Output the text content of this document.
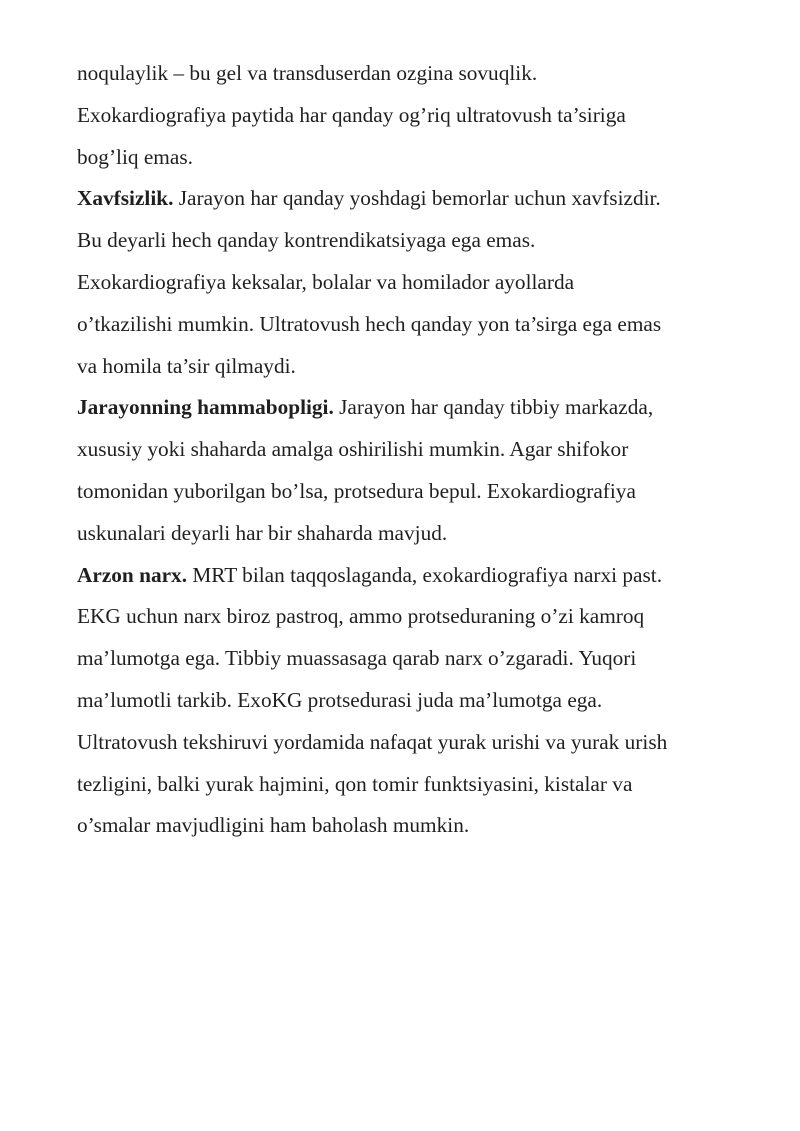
noqulaylik – bu gel va transduserdan ozgina sovuqlik.
Exokardiografiya paytida har qanday og’riq ultratovush ta’siriga
bog’liq emas.
Xavfsizlik. Jarayon har qanday yoshdagi bemorlar uchun xavfsizdir.
Bu deyarli hech qanday kontrendikatsiyaga ega emas.
Exokardiografiya keksalar, bolalar va homilador ayollarda
o’tkazilishi mumkin. Ultratovush hech qanday yon ta’sirga ega emas
va homila ta’sir qilmaydi.
Jarayonning hammabopligi. Jarayon har qanday tibbiy markazda,
xususiy yoki shaharda amalga oshirilishi mumkin. Agar shifokor
tomonidan yuborilgan bo’lsa, protsedura bepul. Exokardiografiya
uskunalari deyarli har bir shaharda mavjud.
Arzon narx. MRT bilan taqqoslaganda, exokardiografiya narxi past.
EKG uchun narx biroz pastroq, ammo protseduraning o’zi kamroq
ma’lumotga ega. Tibbiy muassasaga qarab narx o’zgaradi. Yuqori
ma’lumotli tarkib. ExoKG protsedurasi juda ma’lumotga ega.
Ultratovush tekshiruvi yordamida nafaqat yurak urishi va yurak urish
tezligini, balki yurak hajmini, qon tomir funktsiyasini, kistalar va
o’smalar mavjudligini ham baholash mumkin.
